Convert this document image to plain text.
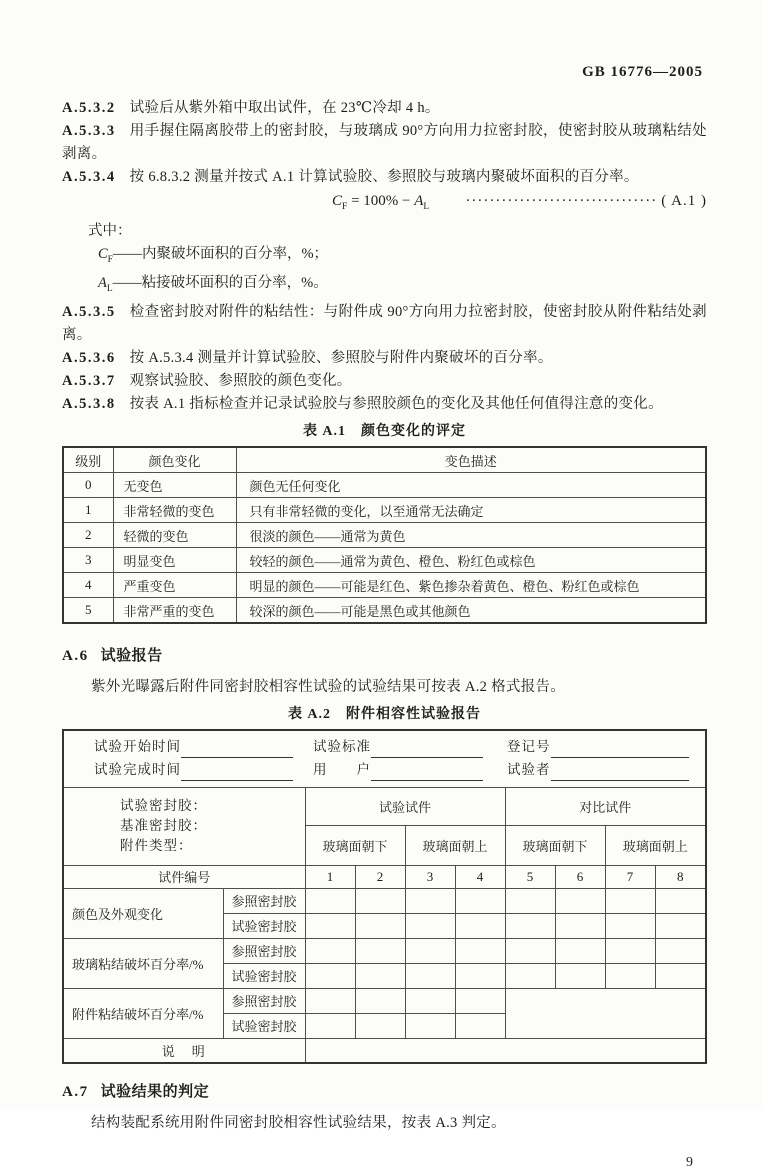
GB 16776—2005

A.5.3.2 试验后从紫外箱中取出试件，在 23℃冷却 4 h。

A.5.3.3 用手握住隔离胶带上的密封胶，与玻璃成 90°方向用力拉密封胶，使密封胶从玻璃粘结处
剥离。

A.5.3.4 按 6.8.3.2 测量并按式 A.1 计算试验胶、参照胶与玻璃内聚破坏面积的百分率。

$C_F = 100\% - A_L$	································ ( A.1 )
式中：
$C_F——$内聚破坏面积的百分率，%；
$A_L——$粘接破坏面积的百分率，%。

A.5.3.5 检查密封胶对附件的粘结性：与附件成 90°方向用力拉密封胶，使密封胶从附件粘结处剥离。

A.5.3.6 按 A.5.3.4 测量并计算试验胶、参照胶与附件内聚破坏的百分率。

A.5.3.7 观察试验胶、参照胶的颜色变化。

A.5.3.8 按表 A.1 指标检查并记录试验胶与参照胶颜色的变化及其他任何值得注意的变化。

表 A.1　颜色变化的评定
级别	颜色变化	变色描述
0	无变色	颜色无任何变化
1	非常轻微的变色	只有非常轻微的变化，以至通常无法确定
2	轻微的变色	很淡的颜色——通常为黄色
3	明显变色	较轻的颜色——通常为黄色、橙色、粉红色或棕色
4	严重变色	明显的颜色——可能是红色、紫色掺杂着黄色、橙色、粉红色或棕色
5	非常严重的变色	较深的颜色——可能是黑色或其他颜色
A.6 试验报告

紫外光曝露后附件同密封胶相容性试验的试验结果可按表 A.2 格式报告。

表 A.2　附件相容性试验报告
试验开始时间	试验标准	登记号
试验完成时间	用　　户	试验者

试验密封胶：
基准密封胶：
附件类型：		试验试件				对比试件			
		玻璃面朝下		玻璃面朝上		玻璃面朝下		玻璃面朝上	
试件编号		1	2	3	4	5	6	7	8
颜色及外观变化	参照密封胶								
	试验密封胶								
玻璃粘结破坏百分率/%	参照密封胶								
	试验密封胶								
附件粘结破坏百分率/%	参照密封胶								
	试验密封胶								
说　明									
A.7 试验结果的判定

结构装配系统用附件同密封胶相容性试验结果，按表 A.3 判定。

9
